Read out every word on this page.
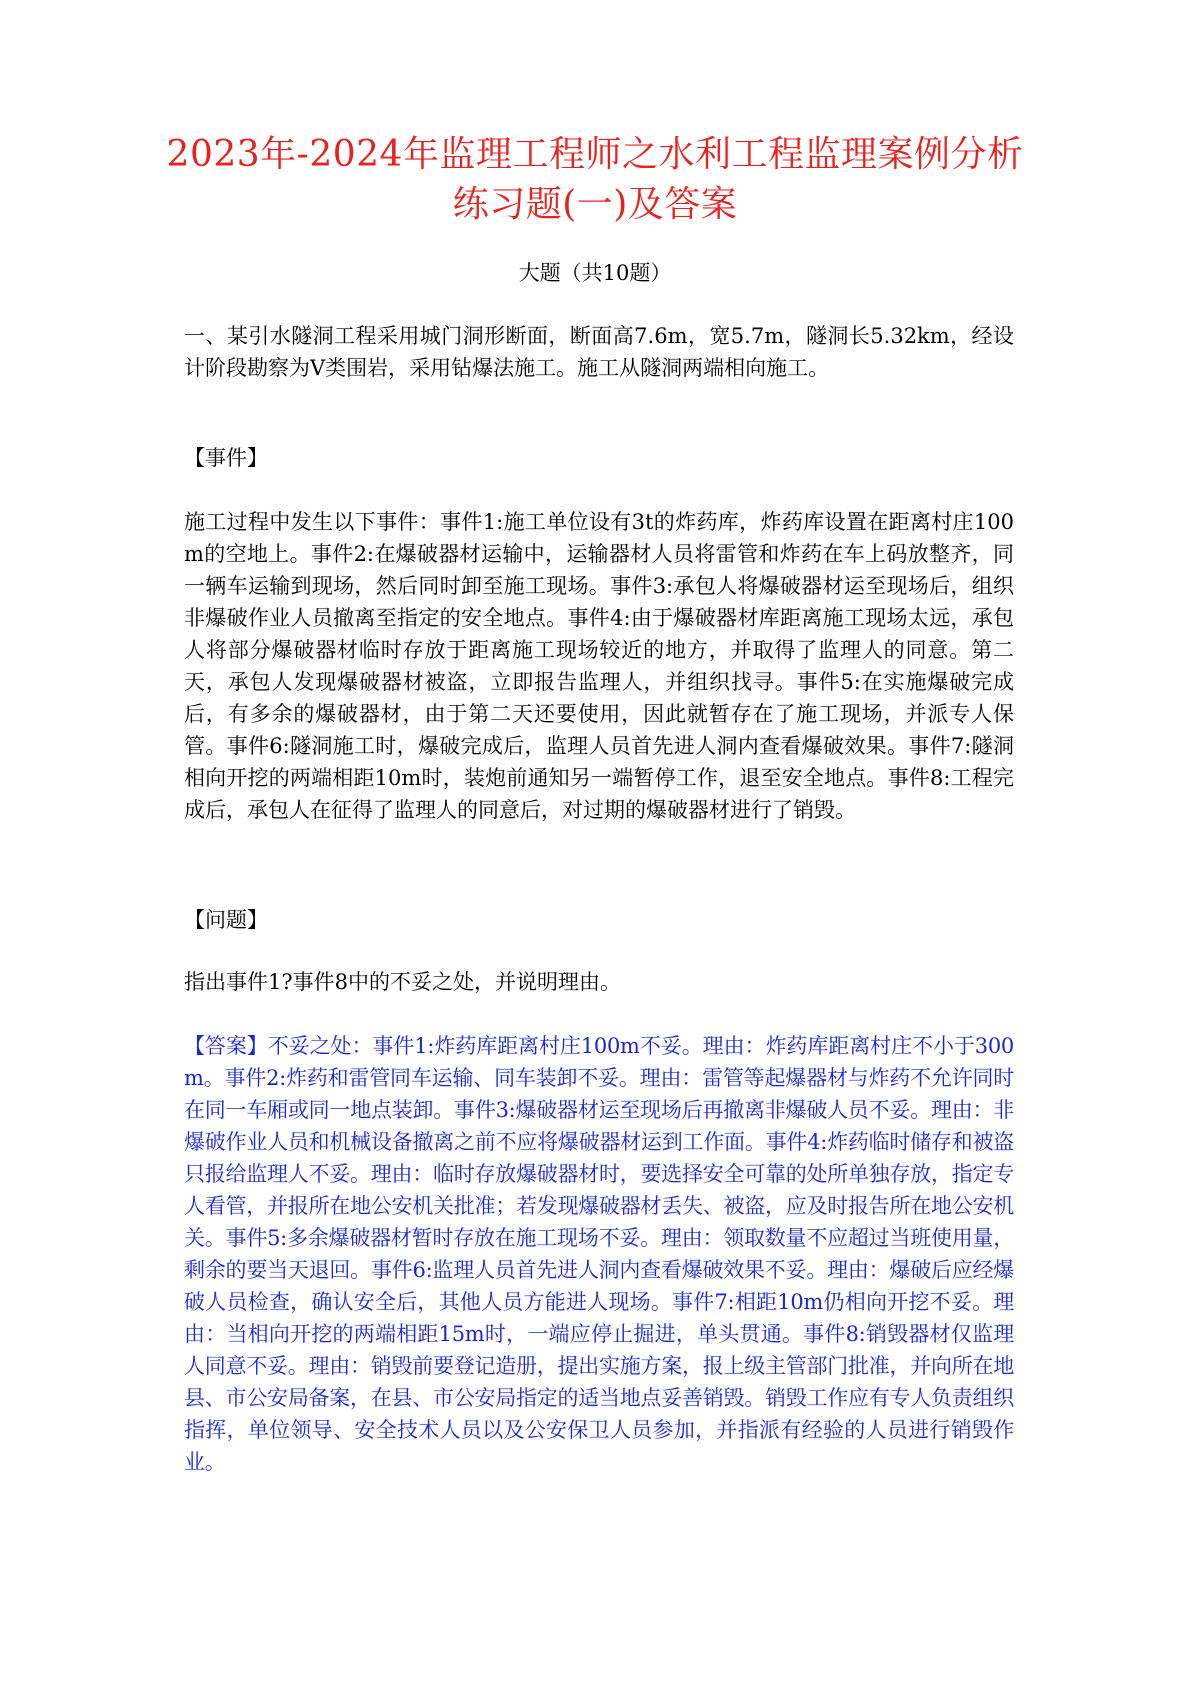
2023年-2024年监理工程师之水利工程监理案例分析练习题(一)及答案
大题（共10题）
一、某引水隧洞工程采用城门洞形断面，断面高7.6m，宽5.7m，隧洞长5.32km，经设计阶段勘察为Ⅴ类围岩，采用钻爆法施工。施工从隧洞两端相向施工。
【事件】
施工过程中发生以下事件：事件1:施工单位设有3t的炸药库，炸药库设置在距离村庄100m的空地上。事件2:在爆破器材运输中，运输器材人员将雷管和炸药在车上码放整齐，同一辆车运输到现场，然后同时卸至施工现场。事件3:承包人将爆破器材运至现场后，组织非爆破作业人员撤离至指定的安全地点。事件4:由于爆破器材库距离施工现场太远，承包人将部分爆破器材临时存放于距离施工现场较近的地方，并取得了监理人的同意。第二天，承包人发现爆破器材被盗，立即报告监理人，并组织找寻。事件5:在实施爆破完成后，有多余的爆破器材，由于第二天还要使用，因此就暂存在了施工现场，并派专人保管。事件6:隧洞施工时，爆破完成后，监理人员首先进人洞内查看爆破效果。事件7:隧洞相向开挖的两端相距10m时，装炮前通知另一端暂停工作，退至安全地点。事件8:工程完成后，承包人在征得了监理人的同意后，对过期的爆破器材进行了销毁。
【问题】
指出事件1?事件8中的不妥之处，并说明理由。
【答案】不妥之处：事件1:炸药库距离村庄100m不妥。理由：炸药库距离村庄不小于300m。事件2:炸药和雷管同车运输、同车装卸不妥。理由：雷管等起爆器材与炸药不允许同时在同一车厢或同一地点装卸。事件3:爆破器材运至现场后再撤离非爆破人员不妥。理由：非爆破作业人员和机械设备撤离之前不应将爆破器材运到工作面。事件4:炸药临时储存和被盗只报给监理人不妥。理由：临时存放爆破器材时，要选择安全可靠的处所单独存放，指定专人看管，并报所在地公安机关批准；若发现爆破器材丢失、被盗，应及时报告所在地公安机关。事件5:多余爆破器材暂时存放在施工现场不妥。理由：领取数量不应超过当班使用量，剩余的要当天退回。事件6:监理人员首先进人洞内查看爆破效果不妥。理由：爆破后应经爆破人员检查，确认安全后，其他人员方能进人现场。事件7:相距10m仍相向开挖不妥。理由：当相向开挖的两端相距15m时，一端应停止掘进，单头贯通。事件8:销毁器材仅监理人同意不妥。理由：销毁前要登记造册，提出实施方案，报上级主管部门批准，并向所在地县、市公安局备案，在县、市公安局指定的适当地点妥善销毁。销毁工作应有专人负责组织指挥，单位领导、安全技术人员以及公安保卫人员参加，并指派有经验的人员进行销毁作业。
